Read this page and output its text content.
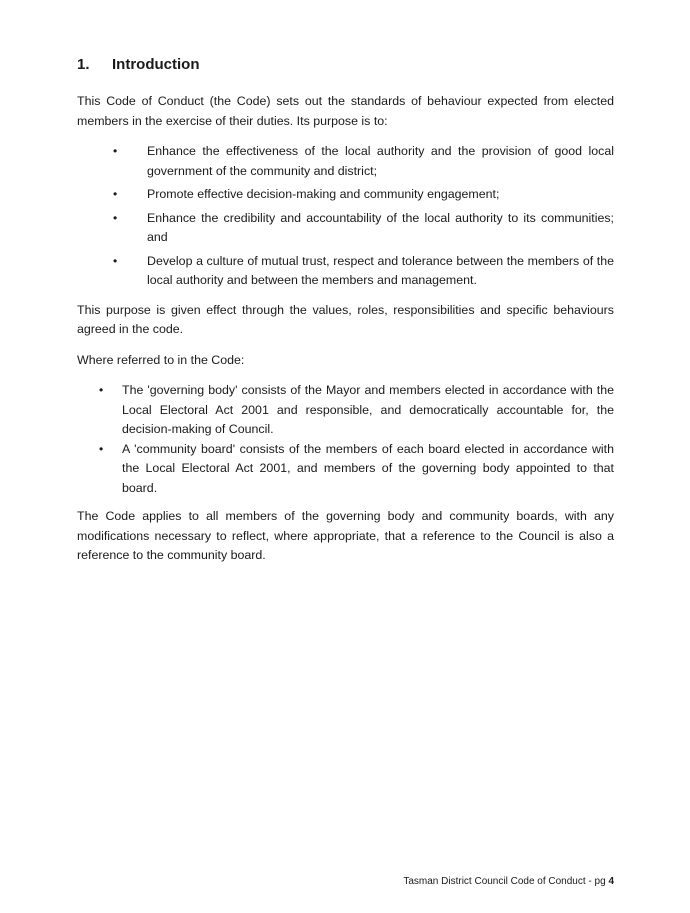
1.	Introduction

This Code of Conduct (the Code) sets out the standards of behaviour expected from elected members in the exercise of their duties. Its purpose is to:

• Enhance the effectiveness of the local authority and the provision of good local government of the community and district;
• Promote effective decision-making and community engagement;
• Enhance the credibility and accountability of the local authority to its communities; and
• Develop a culture of mutual trust, respect and tolerance between the members of the local authority and between the members and management.

This purpose is given effect through the values, roles, responsibilities and specific behaviours agreed in the code.

Where referred to in the Code:

• The 'governing body' consists of the Mayor and members elected in accordance with the Local Electoral Act 2001 and responsible, and democratically accountable for, the decision-making of Council.
• A 'community board' consists of the members of each board elected in accordance with the Local Electoral Act 2001, and members of the governing body appointed to that board.

The Code applies to all members of the governing body and community boards, with any modifications necessary to reflect, where appropriate, that a reference to the Council is also a reference to the community board.

Tasman District Council Code of Conduct - pg 4
